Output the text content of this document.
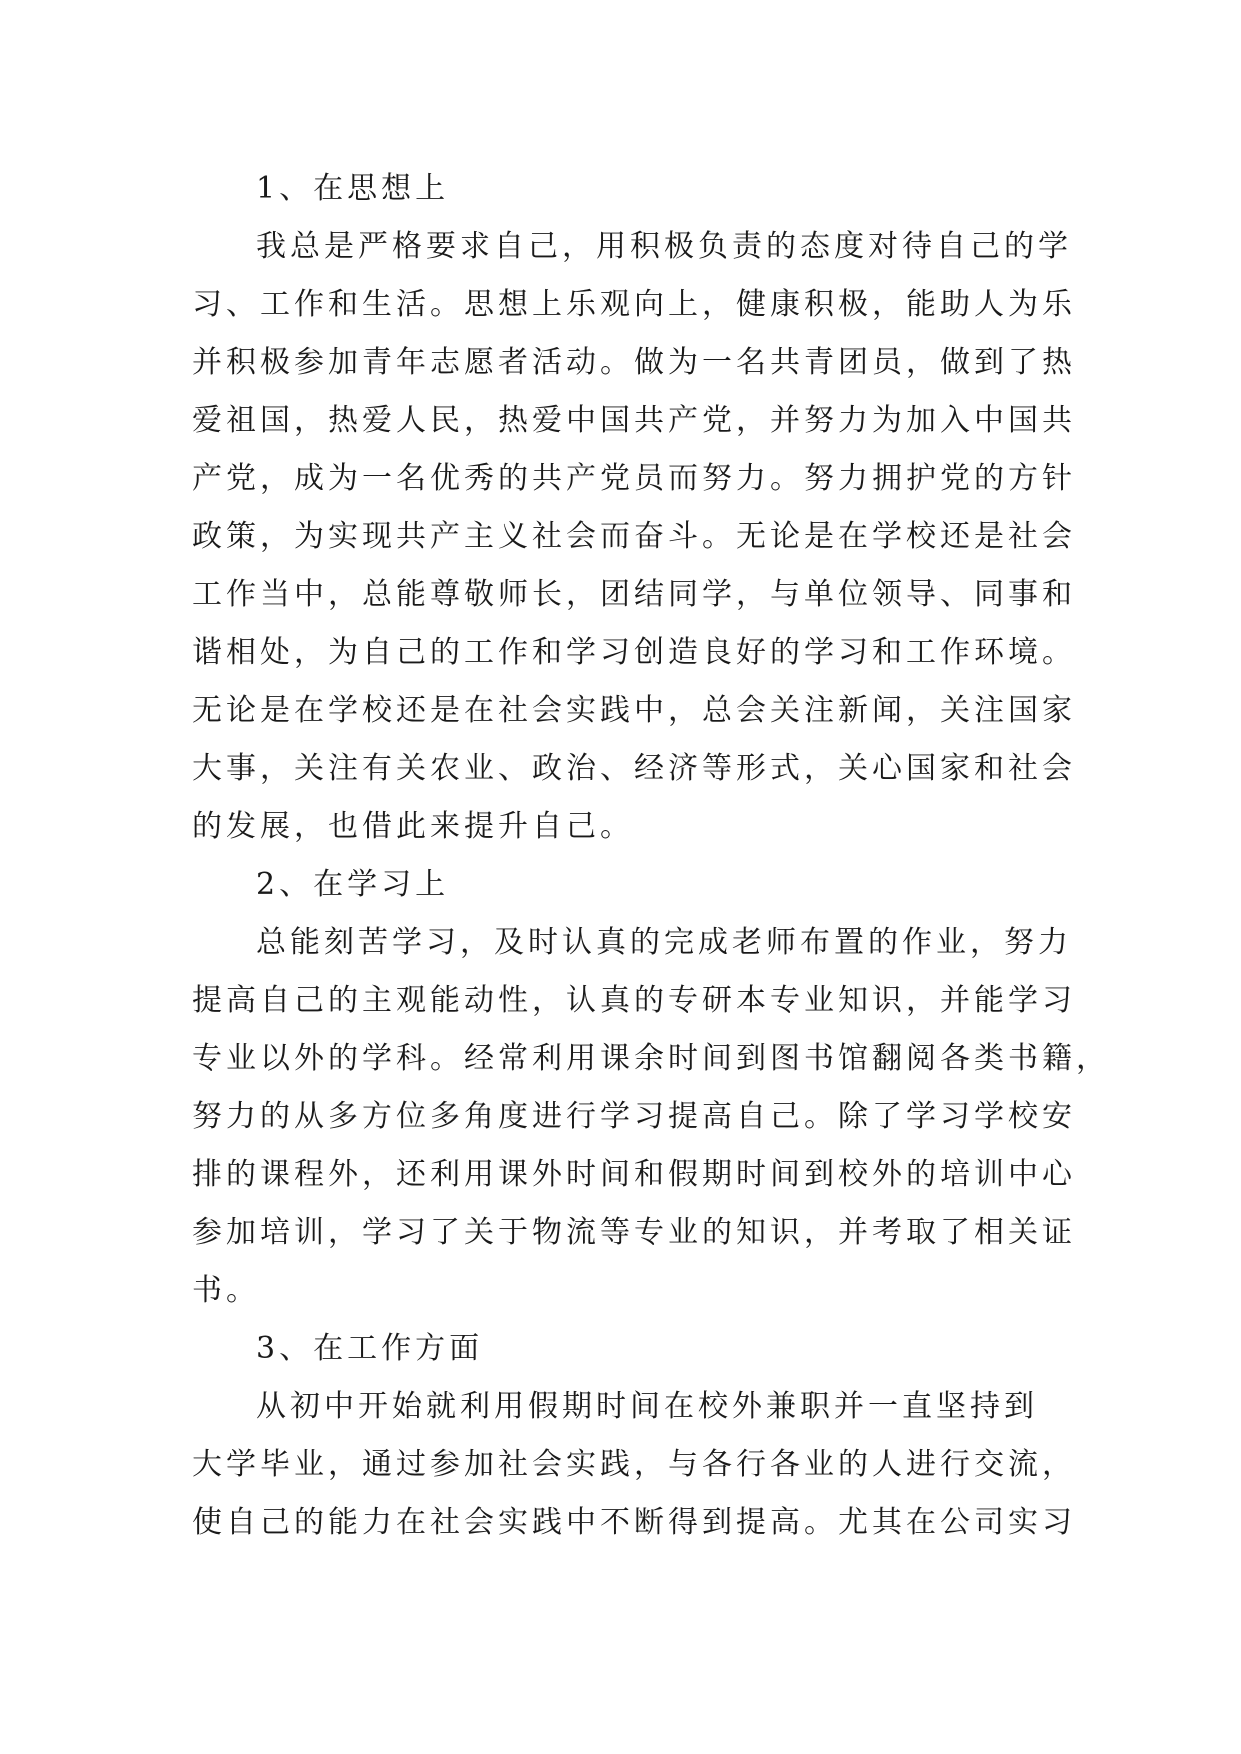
1、在思想上
我总是严格要求自己，用积极负责的态度对待自己的学
习、工作和生活。思想上乐观向上，健康积极，能助人为乐
并积极参加青年志愿者活动。做为一名共青团员，做到了热
爱祖国，热爱人民，热爱中国共产党，并努力为加入中国共
产党，成为一名优秀的共产党员而努力。努力拥护党的方针
政策，为实现共产主义社会而奋斗。无论是在学校还是社会
工作当中，总能尊敬师长，团结同学，与单位领导、同事和
谐相处，为自己的工作和学习创造良好的学习和工作环境。
无论是在学校还是在社会实践中，总会关注新闻，关注国家
大事，关注有关农业、政治、经济等形式，关心国家和社会
的发展，也借此来提升自己。
2、在学习上
总能刻苦学习，及时认真的完成老师布置的作业，努力
提高自己的主观能动性，认真的专研本专业知识，并能学习
专业以外的学科。经常利用课余时间到图书馆翻阅各类书籍，
努力的从多方位多角度进行学习提高自己。除了学习学校安
排的课程外，还利用课外时间和假期时间到校外的培训中心
参加培训，学习了关于物流等专业的知识，并考取了相关证
书。
3、在工作方面
从初中开始就利用假期时间在校外兼职并一直坚持到
大学毕业，通过参加社会实践，与各行各业的人进行交流，
使自己的能力在社会实践中不断得到提高。尤其在公司实习
